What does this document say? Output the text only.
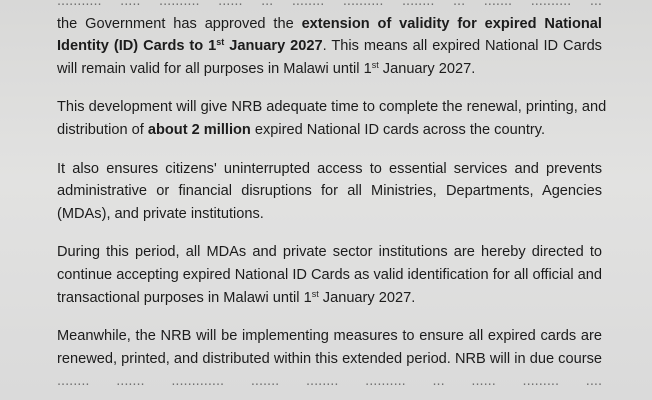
........... ..... .......... ...... ... ........ .......... ........ ... ....... .......... ...
the Government has approved the extension of validity for expired National
Identity (ID) Cards to 1st January 2027. This means all expired National ID Cards
will remain valid for all purposes in Malawi until 1st January 2027.

This development will give NRB adequate time to complete the renewal, printing, and
distribution of about 2 million expired National ID cards across the country.

It also ensures citizens' uninterrupted access to essential services and prevents
administrative or financial disruptions for all Ministries, Departments, Agencies
(MDAs), and private institutions.

During this period, all MDAs and private sector institutions are hereby directed to
continue accepting expired National ID Cards as valid identification for all official and
transactional purposes in Malawi until 1st January 2027.

Meanwhile, the NRB will be implementing measures to ensure all expired cards are
renewed, printed, and distributed within this extended period. NRB will in due course
........ ....... ............. ....... ........ .......... ... ...... ......... ....
